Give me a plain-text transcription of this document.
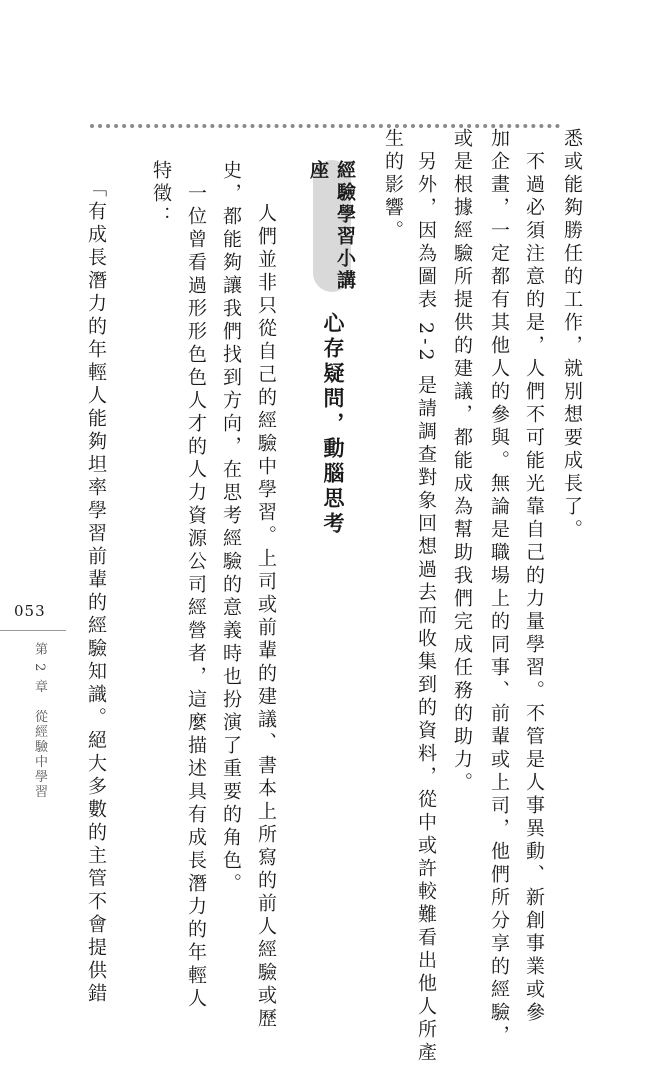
悉或能夠勝任的工作，就別想要成長了。
　不過必須注意的是，人們不可能光靠自己的力量學習。不管是人事異動、新創事業或參
加企畫，一定都有其他人的參與。無論是職場上的同事、前輩或上司，他們所分享的經驗，
或是根據經驗所提供的建議，都能成為幫助我們完成任務的助力。
　另外，因為圖表 2-2 是請調查對象回想過去而收集到的資料，從中或許較難看出他人所產
生的影響。
經驗學習小講座
心存疑問，動腦思考
　人們並非只從自己的經驗中學習。上司或前輩的建議、書本上所寫的前人經驗或歷
史，都能夠讓我們找到方向，在思考經驗的意義時也扮演了重要的角色。
　一位曾看過形形色色人才的人力資源公司經營者，這麼描述具有成長潛力的年輕人
特徵：
「有成長潛力的年輕人能夠坦率學習前輩的經驗知識。絕大多數的主管不會提供錯
053
第 2 章　從經驗中學習
